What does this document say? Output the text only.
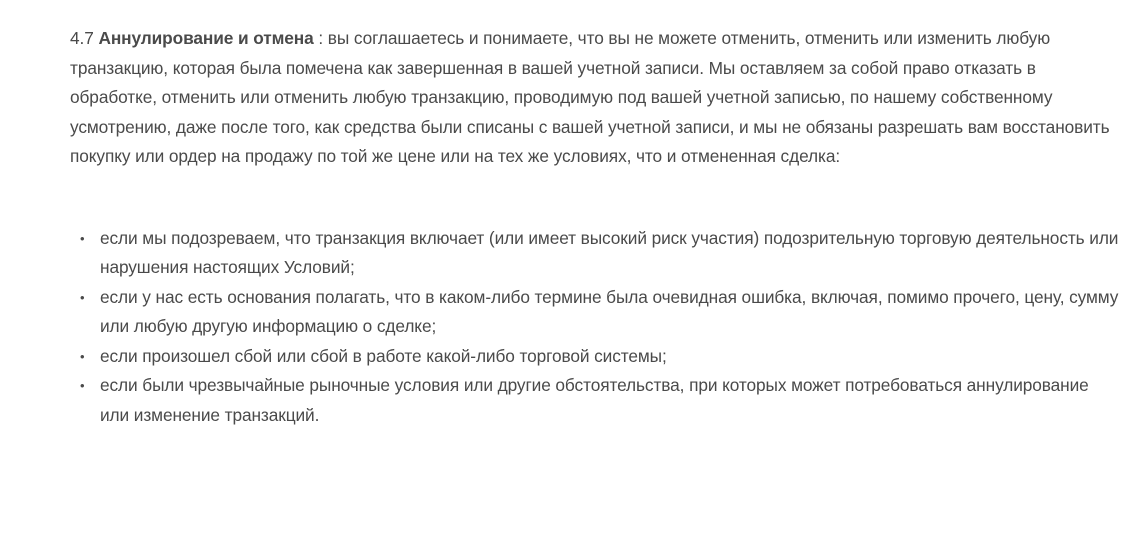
4.7 Аннулирование и отмена : вы соглашаетесь и понимаете, что вы не можете отменить, отменить или изменить любую транзакцию, которая была помечена как завершенная в вашей учетной записи. Мы оставляем за собой право отказать в обработке, отменить или отменить любую транзакцию, проводимую под вашей учетной записью, по нашему собственному усмотрению, даже после того, как средства были списаны с вашей учетной записи, и мы не обязаны разрешать вам восстановить покупку или ордер на продажу по той же цене или на тех же условиях, что и отмененная сделка:

• если мы подозреваем, что транзакция включает (или имеет высокий риск участия) подозрительную торговую деятельность или нарушения настоящих Условий;
• если у нас есть основания полагать, что в каком-либо термине была очевидная ошибка, включая, помимо прочего, цену, сумму или любую другую информацию о сделке;
• если произошел сбой или сбой в работе какой-либо торговой системы;
• если были чрезвычайные рыночные условия или другие обстоятельства, при которых может потребоваться аннулирование или изменение транзакций.
